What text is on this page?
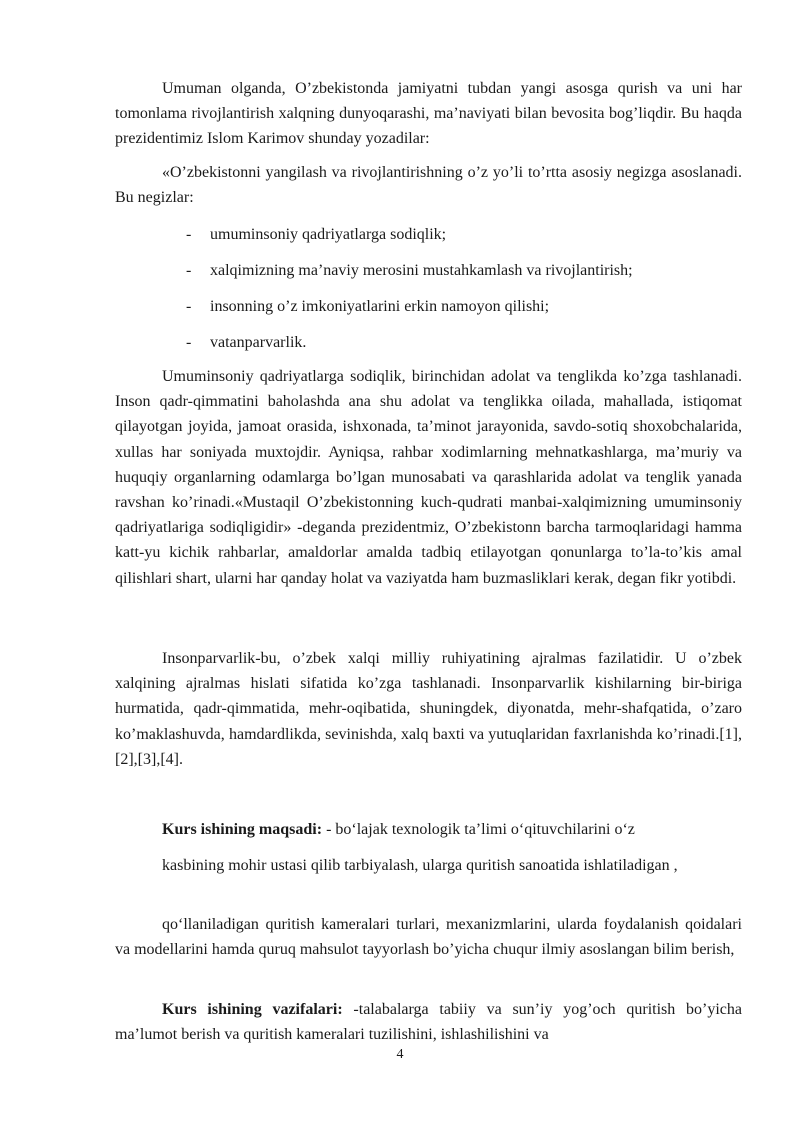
Umuman olganda, O’zbekistonda jamiyatni tubdan yangi asosga qurish va uni har tomonlama rivojlantirish xalqning dunyoqarashi, ma’naviyati bilan bevosita bog’liqdir. Bu haqda prezidentimiz Islom Karimov shunday yozadilar:

«O’zbekistonni yangilash va rivojlantirishning o’z yo’li to’rtta asosiy negizga asoslanadi. Bu negizlar:

- umuminsoniy qadriyatlarga sodiqlik;
- xalqimizning ma’naviy merosini mustahkamlash va rivojlantirish;
- insonning o’z imkoniyatlarini erkin namoyon qilishi;
- vatanparvarlik.

Umuminsoniy qadriyatlarga sodiqlik, birinchidan adolat va tenglikda ko’zga tashlanadi. Inson qadr-qimmatini baholashda ana shu adolat va tenglikka oilada, mahallada, istiqomat qilayotgan joyida, jamoat orasida, ishxonada, ta’minot jarayonida, savdo-sotiq shoxobchalarida, xullas har soniyada muxtojdir. Ayniqsa, rahbar xodimlarning mehnatkashlarga, ma’muriy va huquqiy organlarning odamlarga bo’lgan munosabati va qarashlarida adolat va tenglik yanada ravshan ko’rinadi.«Mustaqil O’zbekistonning kuch-qudrati manbai-xalqimizning umuminsoniy qadriyatlariga sodiqligidir» -deganda prezidentmiz, O’zbekistonn barcha tarmoqlaridagi hamma katt-yu kichik rahbarlar, amaldorlar amalda tadbiq etilayotgan qonunlarga to’la-to’kis amal qilishlari shart, ularni har qanday holat va vaziyatda ham buzmasliklari kerak, degan fikr yotibdi.

Insonparvarlik-bu, o’zbek xalqi milliy ruhiyatining ajralmas fazilatidir. U o’zbek xalqining ajralmas hislati sifatida ko’zga tashlanadi. Insonparvarlik kishilarning bir-biriga hurmatida, qadr-qimmatida, mehr-oqibatida, shuningdek, diyonatda, mehr-shafqatida, o’zaro ko’maklashuvda, hamdardlikda, sevinishda, xalq baxti va yutuqlaridan faxrlanishda ko’rinadi.[1],[2],[3],[4].

Kurs ishining maqsadi: - bo‘lajak texnologik ta’limi o‘qituvchilarini o‘z

kasbining mohir ustasi qilib tarbiyalash, ularga quritish sanoatida ishlatiladigan ,

qo‘llaniladigan quritish kameralari turlari, mexanizmlarini, ularda foydalanish qoidalari va modellarini hamda quruq mahsulot tayyorlash bo’yicha chuqur ilmiy asoslangan bilim berish,

Kurs ishining vazifalari: -talabalarga tabiiy va sun’iy yog’och quritish bo’yicha ma’lumot berish va quritish kameralari tuzilishini, ishlashilishini va

4
